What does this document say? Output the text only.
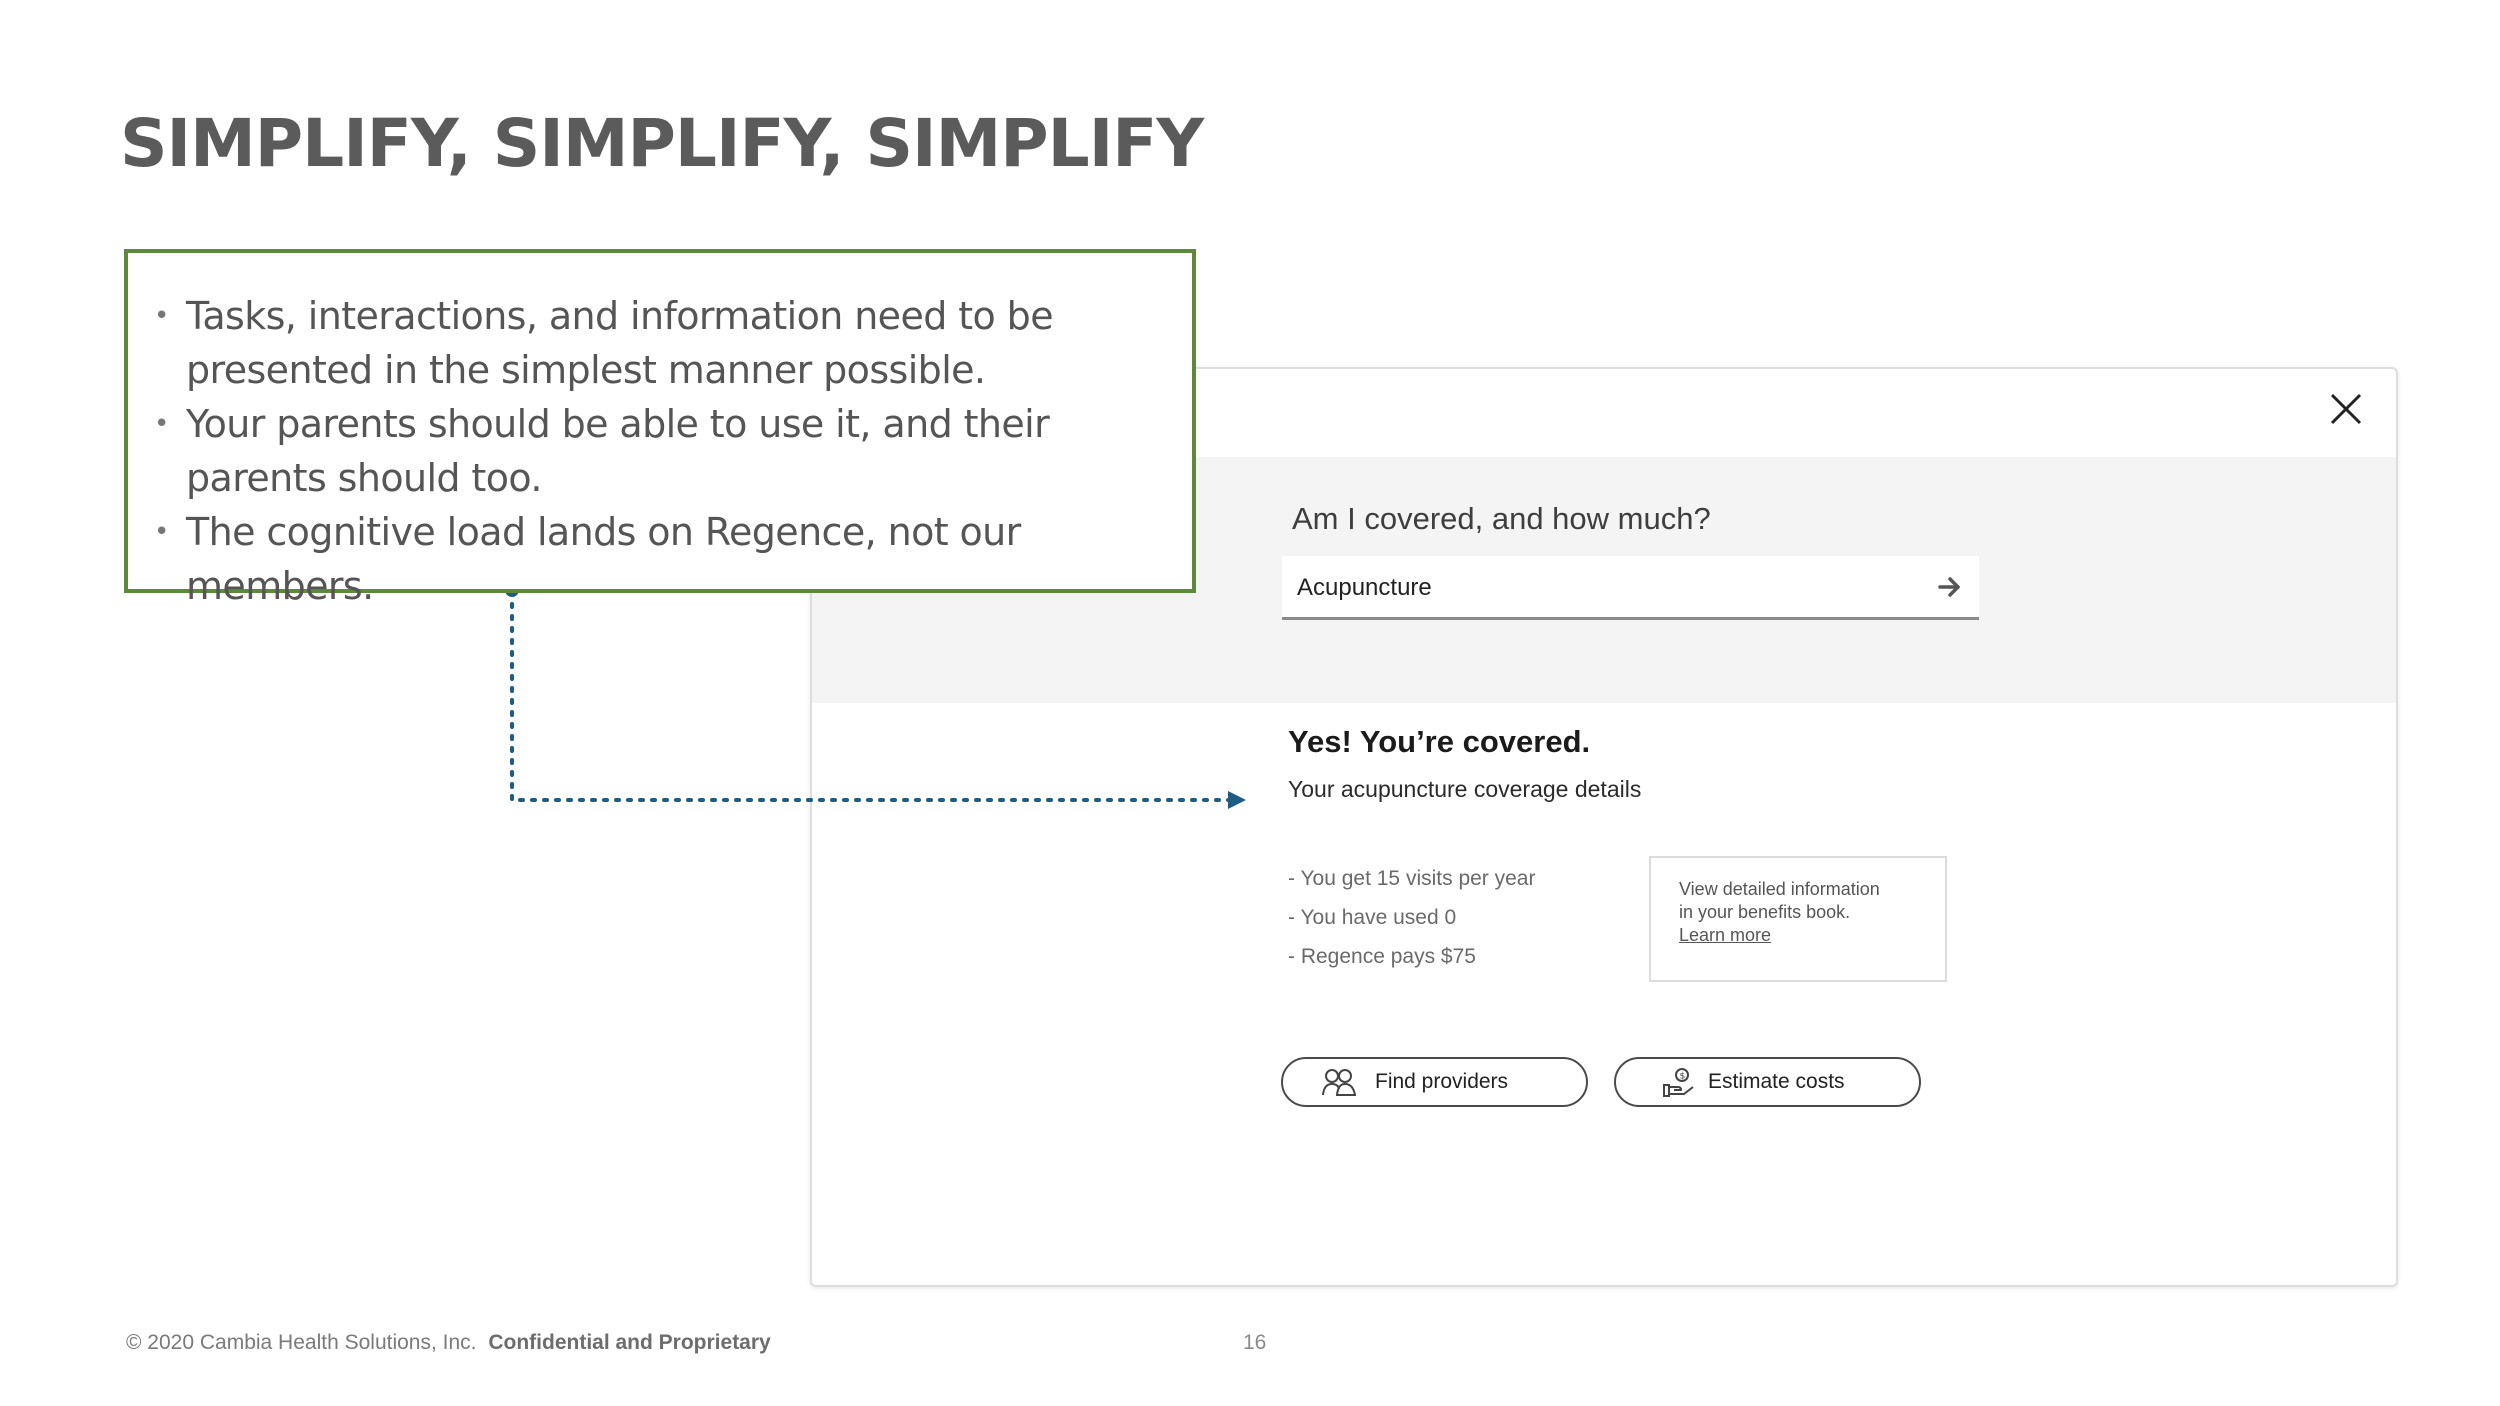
SIMPLIFY, SIMPLIFY, SIMPLIFY
Am I covered, and how much?
Acupuncture
Yes! You’re covered.
Your acupuncture coverage details
- You get 15 visits per year
- You have used 0
- Regence pays $75

View detailed information

in your benefits book.

Learn more
Find providers	$ Estimate costs
• Tasks, interactions, and information need to be presented in the simplest manner possible.
• Your parents should be able to use it, and their parents should too.
• The cognitive load lands on Regence, not our members.
© 2020 Cambia Health Solutions, Inc. Confidential and Proprietary	16
